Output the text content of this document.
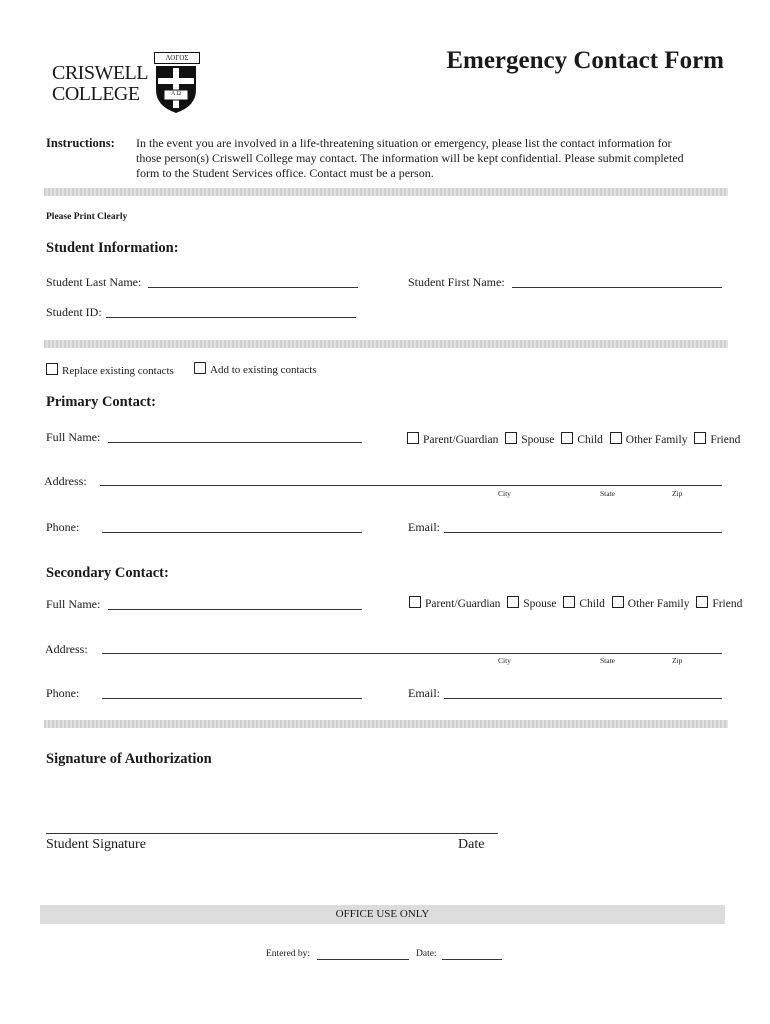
CRISWELL
COLLEGE
ΛΟΓΟΣ
A Ω
Emergency Contact Form
Instructions: In the event you are involved in a life-threatening situation or emergency, please list the contact information for
those person(s) Criswell College may contact. The information will be kept confidential. Please submit completed
form to the Student Services office. Contact must be a person.
Please Print Clearly
Student Information:
Student Last Name:	Student First Name:
Student ID:
Replace existing contacts	Add to existing contacts
Primary Contact:
Full Name:	Parent/Guardian Spouse Child Other Family Friend
Address:
City	State	Zip
Phone:	Email:
Secondary Contact:
Full Name:	Parent/Guardian Spouse Child Other Family Friend
Address:
City	State	Zip
Phone:	Email:
Signature of Authorization
Student Signature	Date
OFFICE USE ONLY
Entered by:	Date:
